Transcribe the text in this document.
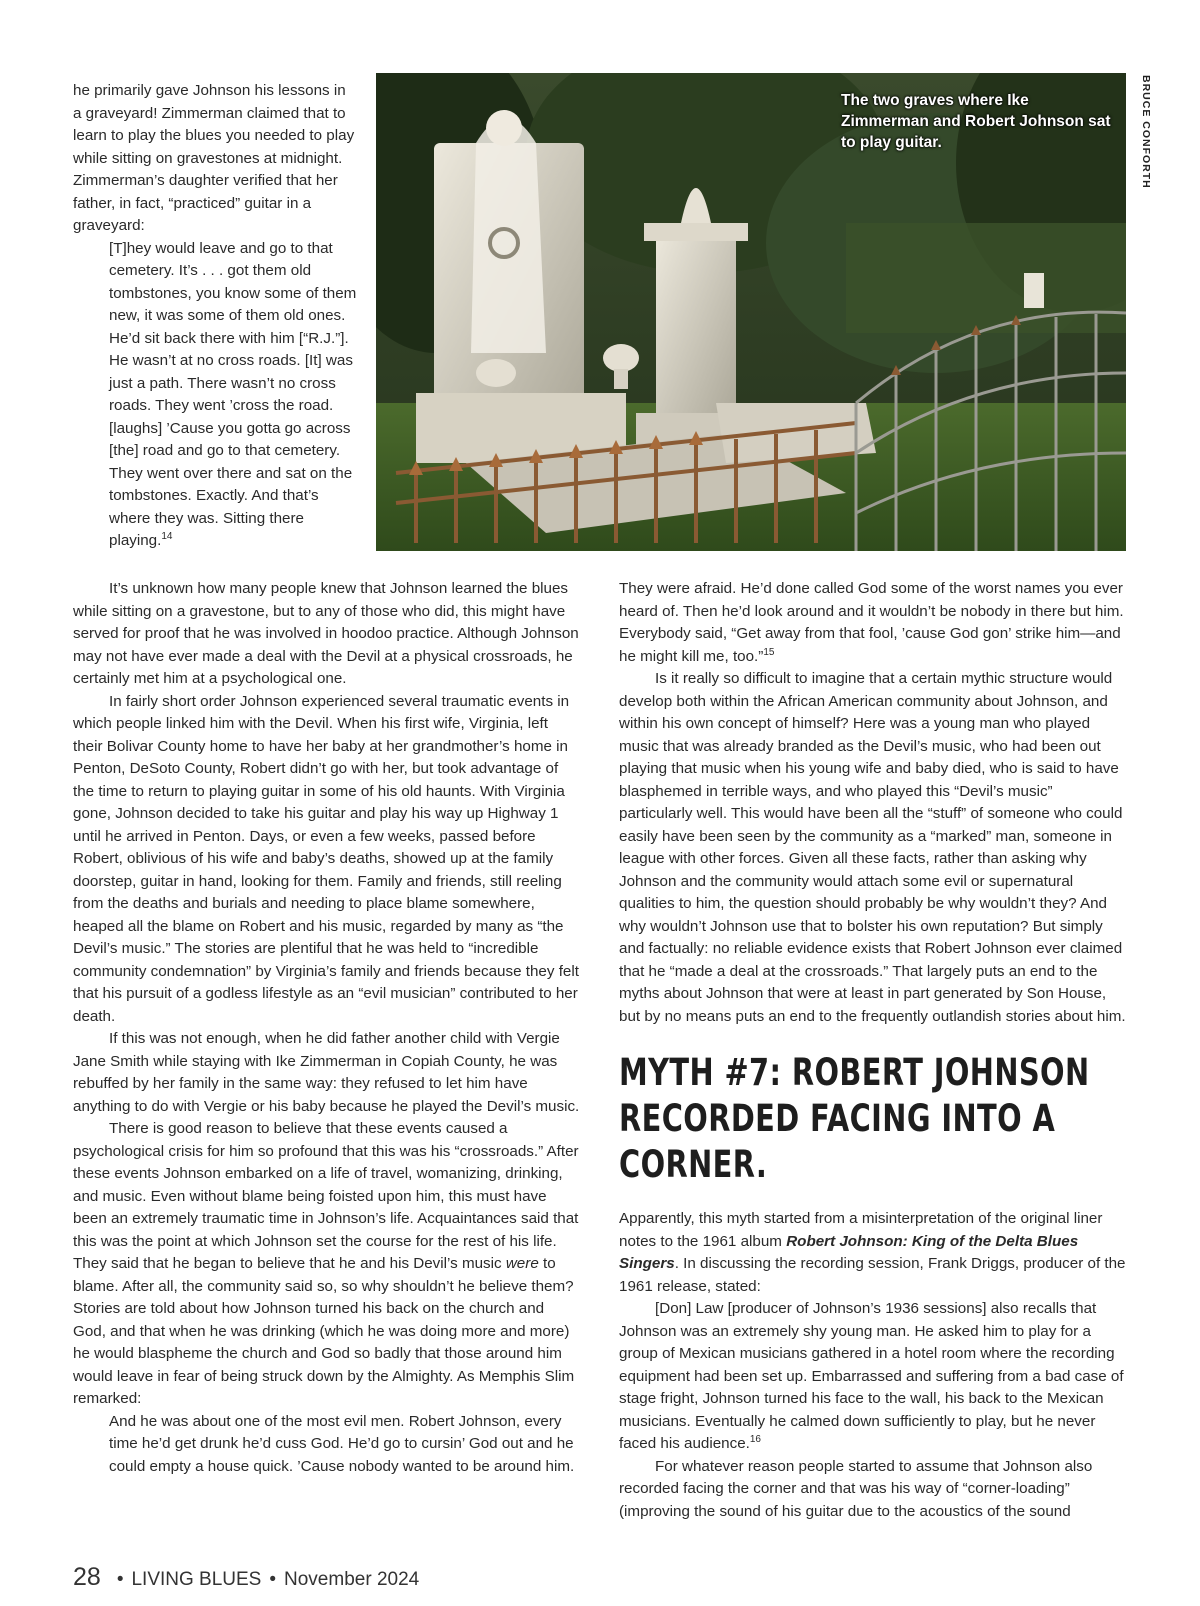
he primarily gave Johnson his lessons in a graveyard! Zimmerman claimed that to learn to play the blues you needed to play while sitting on gravestones at midnight. Zimmerman’s daughter verified that her father, in fact, “practiced” guitar in a graveyard:

[T]hey would leave and go to that cemetery. It’s . . . got them old tombstones, you know some of them new, it was some of them old ones. He’d sit back there with him [“R.J.”]. He wasn’t at no cross roads. [It] was just a path. There wasn’t no cross roads. They went ’cross the road. [laughs] ’Cause you gotta go across [the] road and go to that cemetery. They went over there and sat on the tombstones. Exactly. And that’s where they was. Sitting there playing.$^{14}$

The two graves where Ike Zimmerman and Robert Johnson sat to play guitar.	BRUCE CONFORTH

It’s unknown how many people knew that Johnson learned the blues while sitting on a gravestone, but to any of those who did, this might have served for proof that he was involved in hoodoo practice. Although Johnson may not have ever made a deal with the Devil at a physical crossroads, he certainly met him at a psychological one.

In fairly short order Johnson experienced several traumatic events in which people linked him with the Devil. When his first wife, Virginia, left their Bolivar County home to have her baby at her grandmother’s home in Penton, DeSoto County, Robert didn’t go with her, but took advantage of the time to return to playing guitar in some of his old haunts. With Virginia gone, Johnson decided to take his guitar and play his way up Highway 1 until he arrived in Penton. Days, or even a few weeks, passed before Robert, oblivious of his wife and baby’s deaths, showed up at the family doorstep, guitar in hand, looking for them. Family and friends, still reeling from the deaths and burials and needing to place blame somewhere, heaped all the blame on Robert and his music, regarded by many as “the Devil’s music.” The stories are plentiful that he was held to “incredible community condemnation” by Virginia’s family and friends because they felt that his pursuit of a godless lifestyle as an “evil musician” contributed to her death.

If this was not enough, when he did father another child with Vergie Jane Smith while staying with Ike Zimmerman in Copiah County, he was rebuffed by her family in the same way: they refused to let him have anything to do with Vergie or his baby because he played the Devil’s music.

There is good reason to believe that these events caused a psychological crisis for him so profound that this was his “crossroads.” After these events Johnson embarked on a life of travel, womanizing, drinking, and music. Even without blame being foisted upon him, this must have been an extremely traumatic time in Johnson’s life. Acquaintances said that this was the point at which Johnson set the course for the rest of his life. They said that he began to believe that he and his Devil’s music were to blame. After all, the community said so, so why shouldn’t he believe them? Stories are told about how Johnson turned his back on the church and God, and that when he was drinking (which he was doing more and more) he would blaspheme the church and God so badly that those around him would leave in fear of being struck down by the Almighty. As Memphis Slim remarked:

And he was about one of the most evil men. Robert Johnson, every time he’d get drunk he’d cuss God. He’d go to cursin’ God out and he could empty a house quick. ’Cause nobody wanted to be around him.

They were afraid. He’d done called God some of the worst names you ever heard of. Then he’d look around and it wouldn’t be nobody in there but him. Everybody said, “Get away from that fool, ’cause God gon’ strike him—and he might kill me, too.”$^{15}$

Is it really so difficult to imagine that a certain mythic structure would develop both within the African American community about Johnson, and within his own concept of himself? Here was a young man who played music that was already branded as the Devil’s music, who had been out playing that music when his young wife and baby died, who is said to have blasphemed in terrible ways, and who played this “Devil’s music” particularly well. This would have been all the “stuff” of someone who could easily have been seen by the community as a “marked” man, someone in league with other forces. Given all these facts, rather than asking why Johnson and the community would attach some evil or supernatural qualities to him, the question should probably be why wouldn’t they? And why wouldn’t Johnson use that to bolster his own reputation? But simply and factually: no reliable evidence exists that Robert Johnson ever claimed that he “made a deal at the crossroads.” That largely puts an end to the myths about Johnson that were at least in part generated by Son House, but by no means puts an end to the frequently outlandish stories about him.

MYTH #7: ROBERT JOHNSON RECORDED FACING INTO A CORNER.

Apparently, this myth started from a misinterpretation of the original liner notes to the 1961 album Robert Johnson: King of the Delta Blues Singers. In discussing the recording session, Frank Driggs, producer of the 1961 release, stated:

[Don] Law [producer of Johnson’s 1936 sessions] also recalls that Johnson was an extremely shy young man. He asked him to play for a group of Mexican musicians gathered in a hotel room where the recording equipment had been set up. Embarrassed and suffering from a bad case of stage fright, Johnson turned his face to the wall, his back to the Mexican musicians. Eventually he calmed down sufficiently to play, but he never faced his audience.$^{16}$

For whatever reason people started to assume that Johnson also recorded facing the corner and that was his way of “corner-loading” (improving the sound of his guitar due to the acoustics of the sound

28 • LIVING BLUES • November 2024
